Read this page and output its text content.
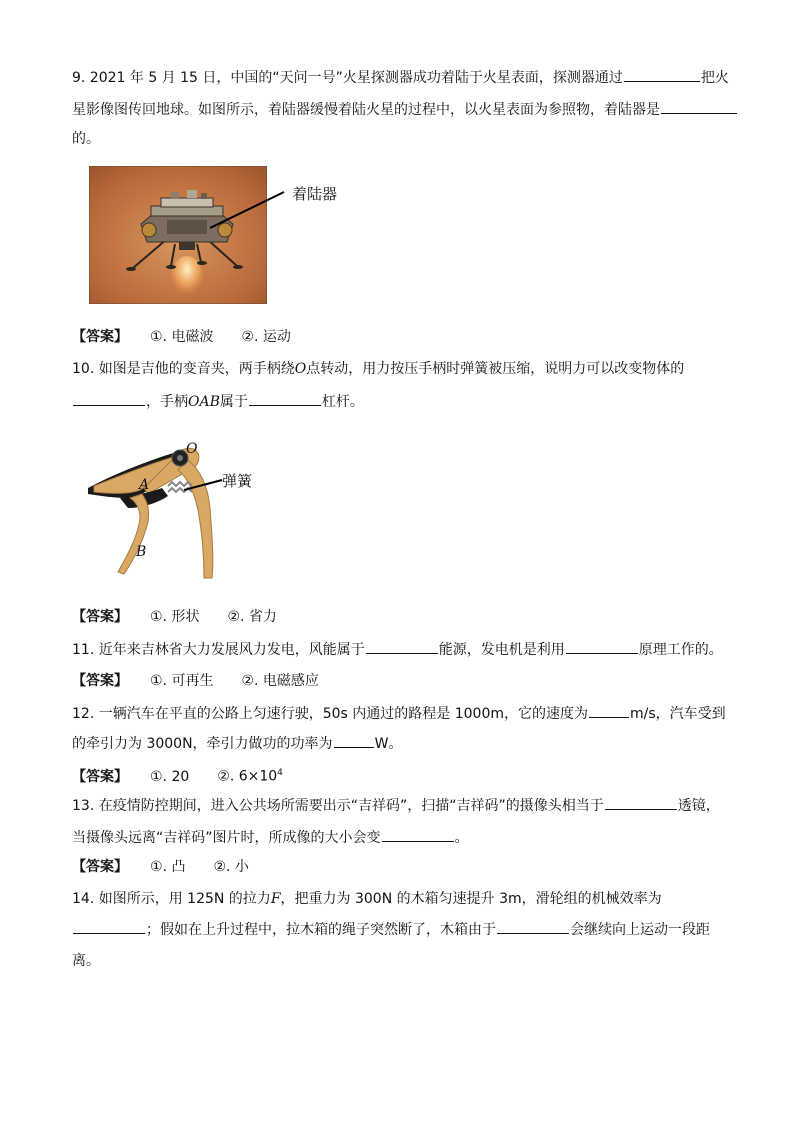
9. 2021 年 5 月 15 日，中国的“天问一号”火星探测器成功着陆于火星表面，探测器通过	把火
星影像图传回地球。如图所示，着陆器缓慢着陆火星的过程中，以火星表面为参照物，着陆器是
的。
着陆器
【答案】 ①. 电磁波 ②. 运动
10. 如图是吉他的变音夹，两手柄绕O点转动，用力按压手柄时弹簧被压缩，说明力可以改变物体的
，手柄OAB属于	杠杆。
O
A
B
弹簧
【答案】 ①. 形状 ②. 省力
11. 近年来吉林省大力发展风力发电，风能属于	能源，发电机是利用	原理工作的。
【答案】 ①. 可再生 ②. 电磁感应
12. 一辆汽车在平直的公路上匀速行驶，50s 内通过的路程是 1000m，它的速度为	m/s，汽车受到
的牵引力为 3000N，牵引力做功的功率为	W。
【答案】 ①. 20 ②. $6\times 10^4$
13. 在疫情防控期间，进入公共场所需要出示“吉祥码”，扫描“吉祥码”的摄像头相当于	透镜，
当摄像头远离“吉祥码”图片时，所成像的大小会变	。
【答案】 ①. 凸 ②. 小
14. 如图所示，用 125N 的拉力F，把重力为 300N 的木箱匀速提升 3m，滑轮组的机械效率为
；假如在上升过程中，拉木箱的绳子突然断了，木箱由于	会继续向上运动一段距
离。
